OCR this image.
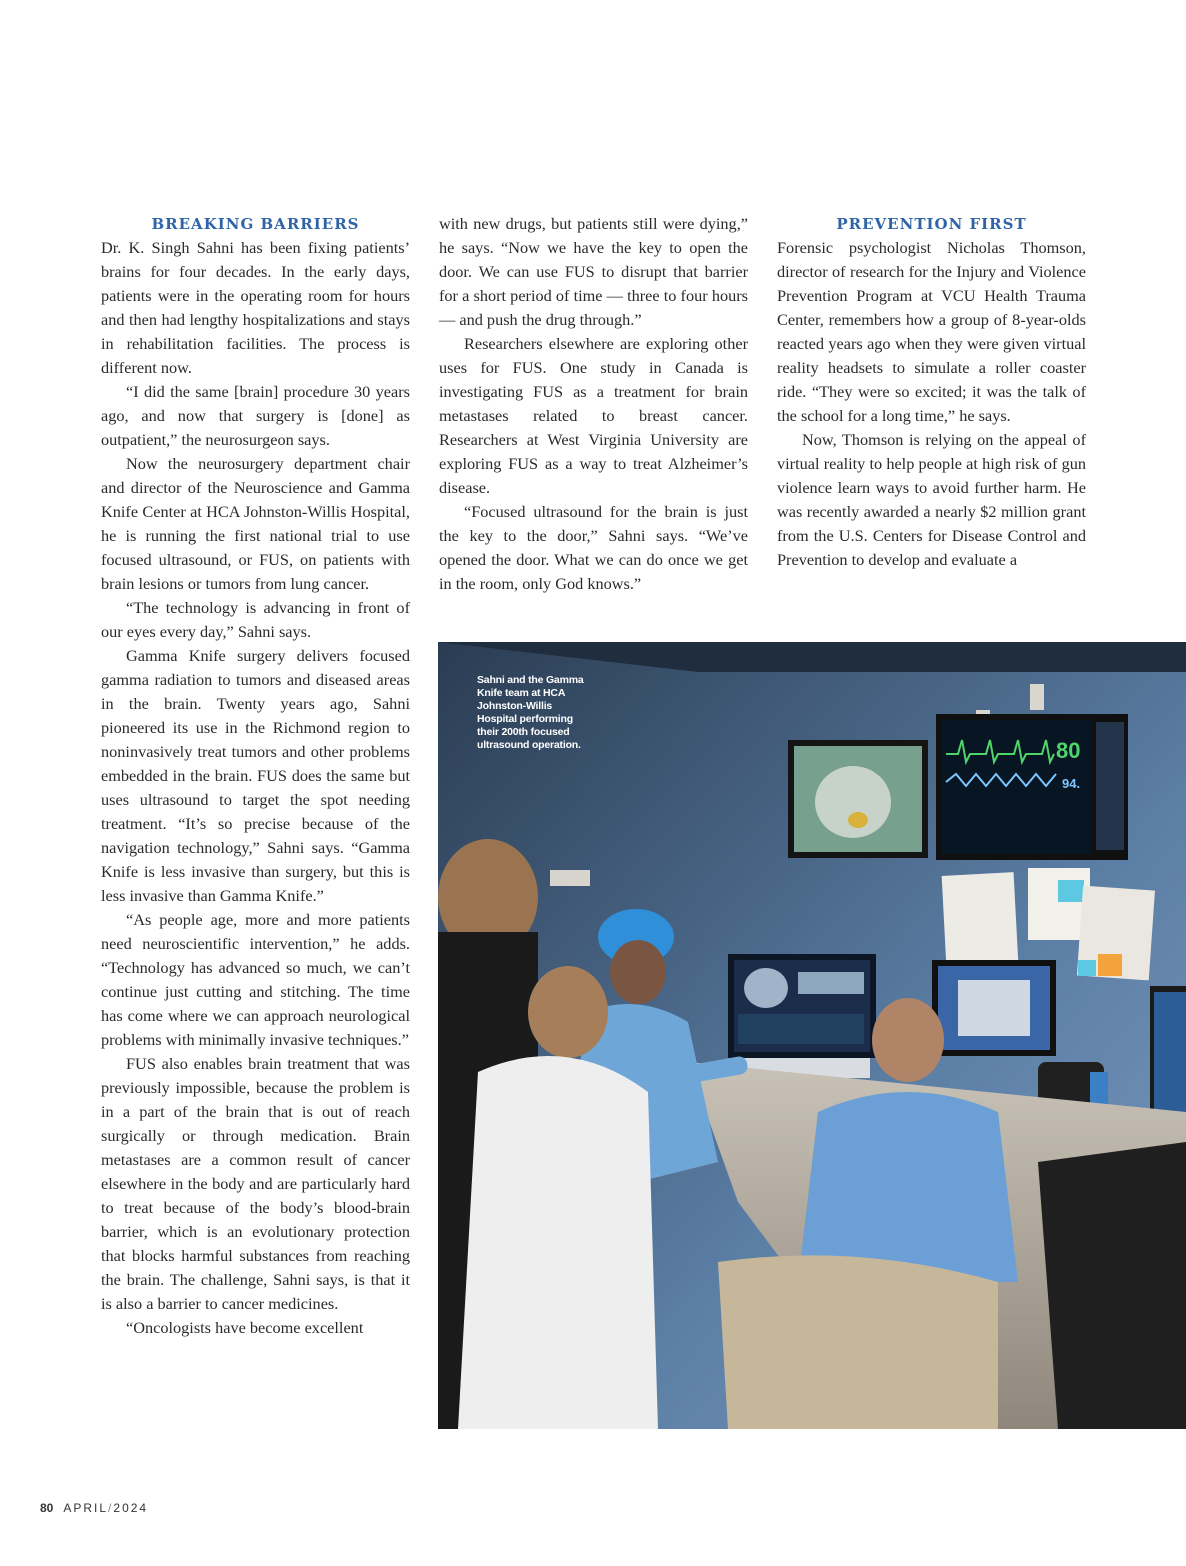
BREAKING BARRIERS

Dr. K. Singh Sahni has been fixing patients’ brains for four decades. In the early days, patients were in the operating room for hours and then had lengthy hospitalizations and stays in rehabilitation facilities. The process is different now.

“I did the same [brain] procedure 30 years ago, and now that surgery is [done] as outpatient,” the neurosurgeon says.

Now the neurosurgery department chair and director of the Neuroscience and Gamma Knife Center at HCA Johnston-Willis Hospital, he is running the first national trial to use focused ultrasound, or FUS, on patients with brain lesions or tumors from lung cancer.

“The technology is advancing in front of our eyes every day,” Sahni says.

Gamma Knife surgery delivers focused gamma radiation to tumors and diseased areas in the brain. Twenty years ago, Sahni pioneered its use in the Richmond region to noninvasively treat tumors and other problems embedded in the brain. FUS does the same but uses ultrasound to target the spot needing treatment. “It’s so precise because of the navigation technology,” Sahni says. “Gamma Knife is less invasive than surgery, but this is less invasive than Gamma Knife.”

“As people age, more and more patients need neuroscientific intervention,” he adds. “Technology has advanced so much, we can’t continue just cutting and stitching. The time has come where we can approach neurological problems with minimally invasive techniques.”

FUS also enables brain treatment that was previously impossible, because the problem is in a part of the brain that is out of reach surgically or through medication. Brain metastases are a common result of cancer elsewhere in the body and are particularly hard to treat because of the body’s blood-brain barrier, which is an evolutionary protection that blocks harmful substances from reaching the brain. The challenge, Sahni says, is that it is also a barrier to cancer medicines.

“Oncologists have become excellent

with new drugs, but patients still were dying,” he says. “Now we have the key to open the door. We can use FUS to disrupt that barrier for a short period of time — three to four hours — and push the drug through.”

Researchers elsewhere are exploring other uses for FUS. One study in Canada is investigating FUS as a treatment for brain metastases related to breast cancer. Researchers at West Virginia University are exploring FUS as a way to treat Alzheimer’s disease.

“Focused ultrasound for the brain is just the key to the door,” Sahni says. “We’ve opened the door. What we can do once we get in the room, only God knows.”

PREVENTION FIRST

Forensic psychologist Nicholas Thomson, director of research for the Injury and Violence Prevention Program at VCU Health Trauma Center, remembers how a group of 8-year-olds reacted years ago when they were given virtual reality headsets to simulate a roller coaster ride. “They were so excited; it was the talk of the school for a long time,” he says.

Now, Thomson is relying on the appeal of virtual reality to help people at high risk of gun violence learn ways to avoid further harm. He was recently awarded a nearly $2 million grant from the U.S. Centers for Disease Control and Prevention to develop and evaluate a

80
94.
Sahni and the Gamma Knife team at HCA Johnston-Willis Hospital performing their 200th focused ultrasound operation.
80 APRIL/2024
